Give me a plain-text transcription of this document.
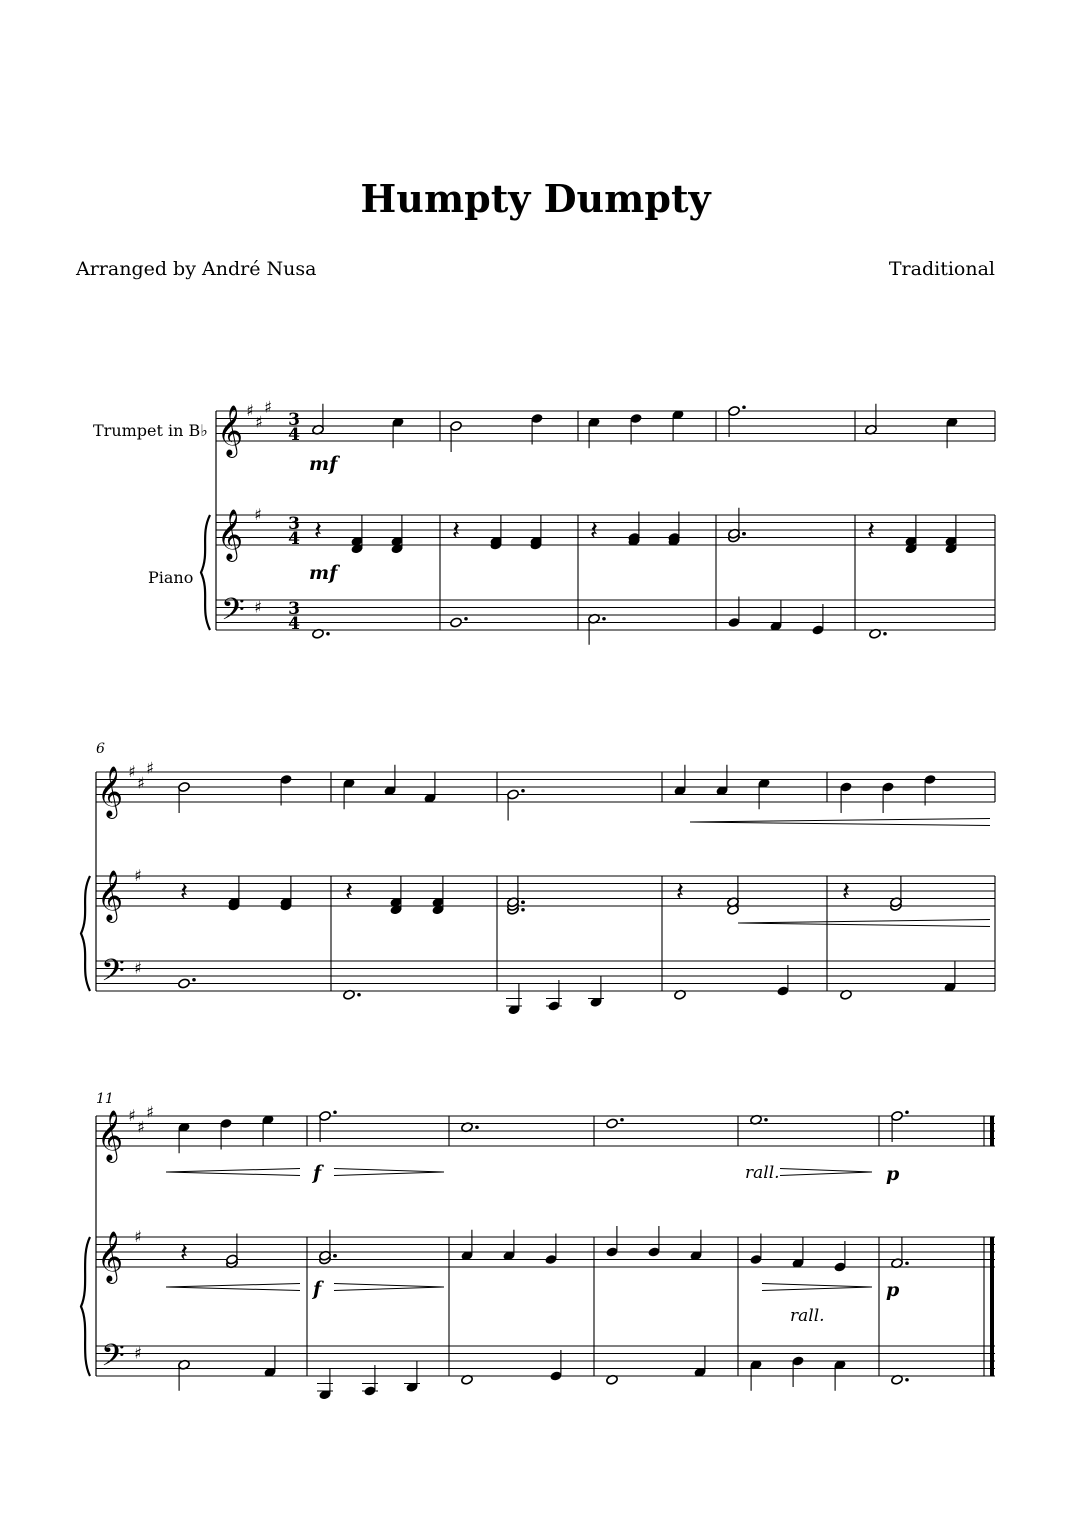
Humpty Dumpty
Arranged by André Nusa	Traditional
𝄞 ♯
♯
♯
𝄞 ♯
𝄢 ♯
3
4
3
4
3
4
Trumpet in B♭
Piano
mf
𝄽	𝄽	𝄽	𝄽
mf
6
𝄞 ♯
♯
♯
𝄞 ♯
𝄢 ♯
𝄽	𝄽	𝄽	𝄽
11
𝄞 ♯
♯
♯
𝄞 ♯
𝄢 ♯
f	rall.	p
𝄽
f
rall.
p
